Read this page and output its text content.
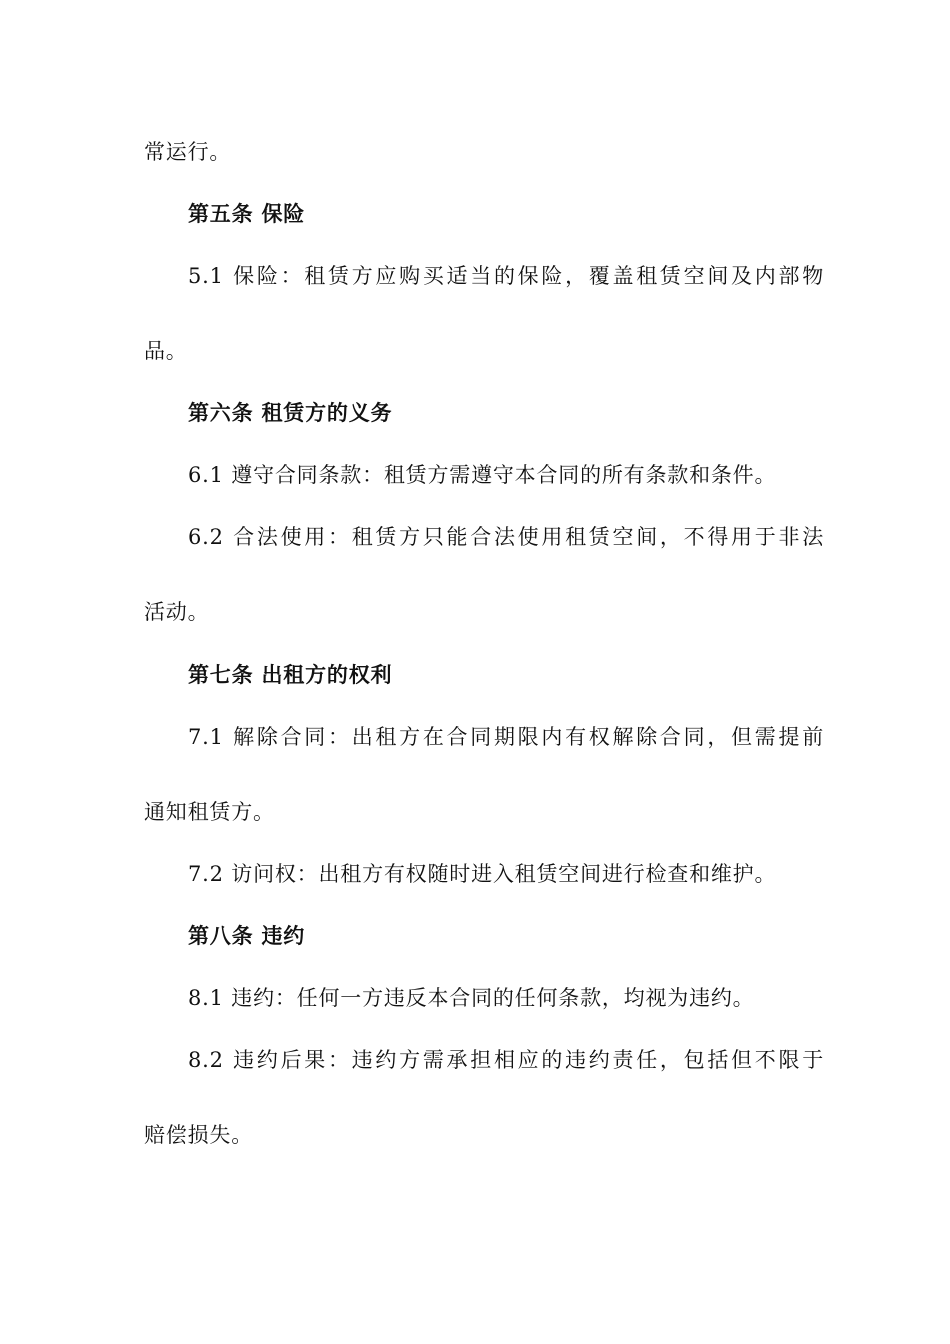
常运行。
第五条 保险
5.1 保险：租赁方应购买适当的保险，覆盖租赁空间及内部物
品。
第六条 租赁方的义务
6.1 遵守合同条款：租赁方需遵守本合同的所有条款和条件。
6.2 合法使用：租赁方只能合法使用租赁空间，不得用于非法
活动。
第七条 出租方的权利
7.1 解除合同：出租方在合同期限内有权解除合同，但需提前
通知租赁方。
7.2 访问权：出租方有权随时进入租赁空间进行检查和维护。
第八条 违约
8.1 违约：任何一方违反本合同的任何条款，均视为违约。
8.2 违约后果：违约方需承担相应的违约责任，包括但不限于
赔偿损失。
